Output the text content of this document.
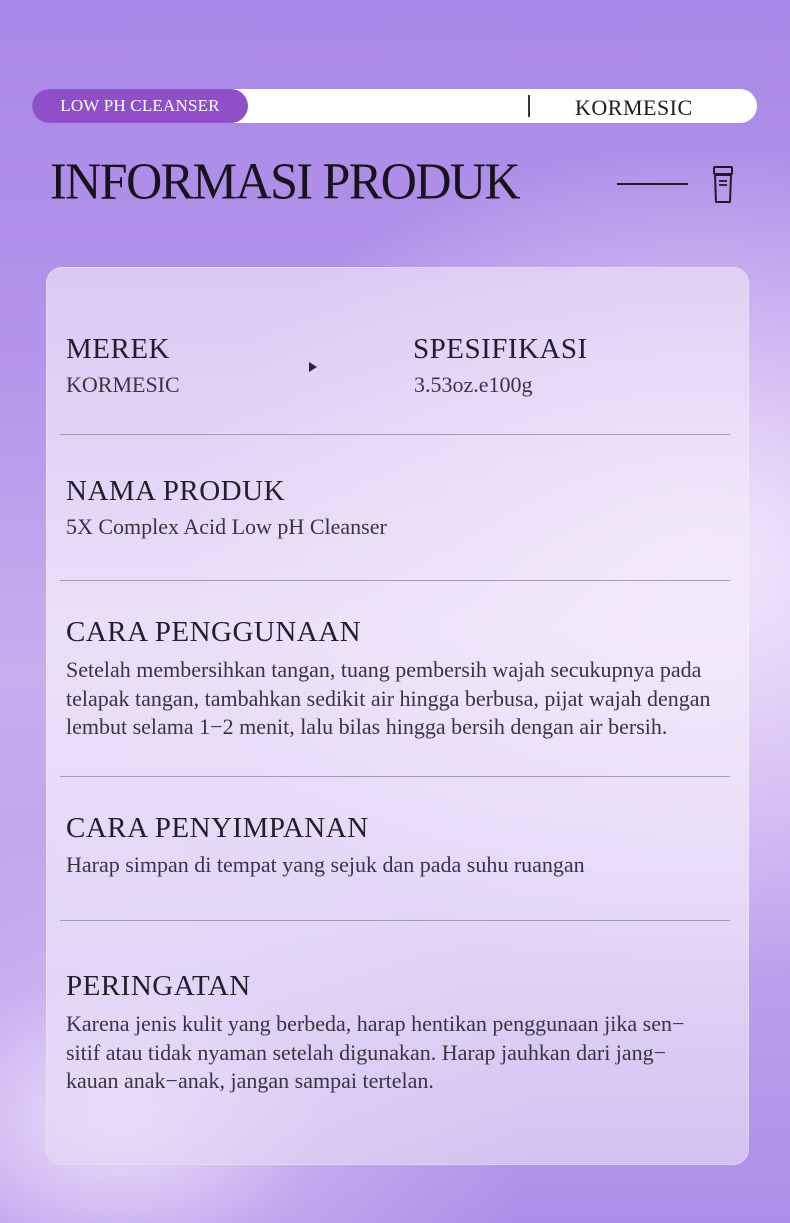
LOW PH CLEANSER	KORMESIC
INFORMASI PRODUK
MEREK

KORMESIC

SPESIFIKASI

3.53oz.e100g

NAMA PRODUK

5X Complex Acid Low pH Cleanser

CARA PENGGUNAAN

Setelah membersihkan tangan, tuang pembersih wajah secukupnya pada

telapak tangan, tambahkan sedikit air hingga berbusa, pijat wajah dengan

lembut selama 1−2 menit, lalu bilas hingga bersih dengan air bersih.

CARA PENYIMPANAN

Harap simpan di tempat yang sejuk dan pada suhu ruangan

PERINGATAN

Karena jenis kulit yang berbeda, harap hentikan penggunaan jika sen−

sitif atau tidak nyaman setelah digunakan. Harap jauhkan dari jang−

kauan anak−anak, jangan sampai tertelan.
